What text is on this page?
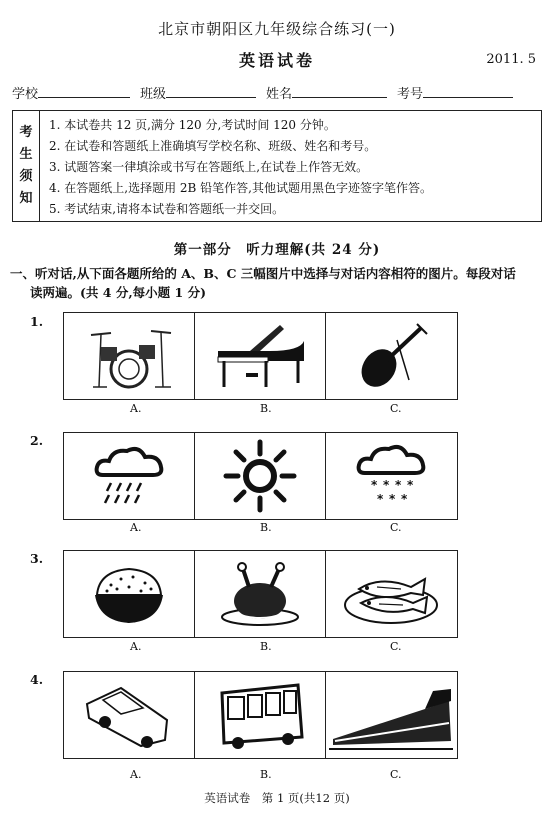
北京市朝阳区九年级综合练习(一)
英语试卷	2011. 5
学校	班级	姓名	考号
考
生
须
知
1. 本试卷共 12 页,满分 120 分,考试时间 120 分钟。
2. 在试卷和答题纸上准确填写学校名称、班级、姓名和考号。
3. 试题答案一律填涂或书写在答题纸上,在试卷上作答无效。
4. 在答题纸上,选择题用 2B 铅笔作答,其他试题用黑色字迹签字笔作答。
5. 考试结束,请将本试卷和答题纸一并交回。
第一部分　听力理解(共 24 分)
一、听对话,从下面各题所给的 A、B、C 三幅图片中选择与对话内容相符的图片。每段对话
读两遍。(共 4 分,每小题 1 分)
1.
A.	B.	C.
2.
* * * *
* * *
A.	B.	C.
3.
A.	B.	C.
4.
A.	B.	C.
英语试卷　第 1 页(共12 页)
